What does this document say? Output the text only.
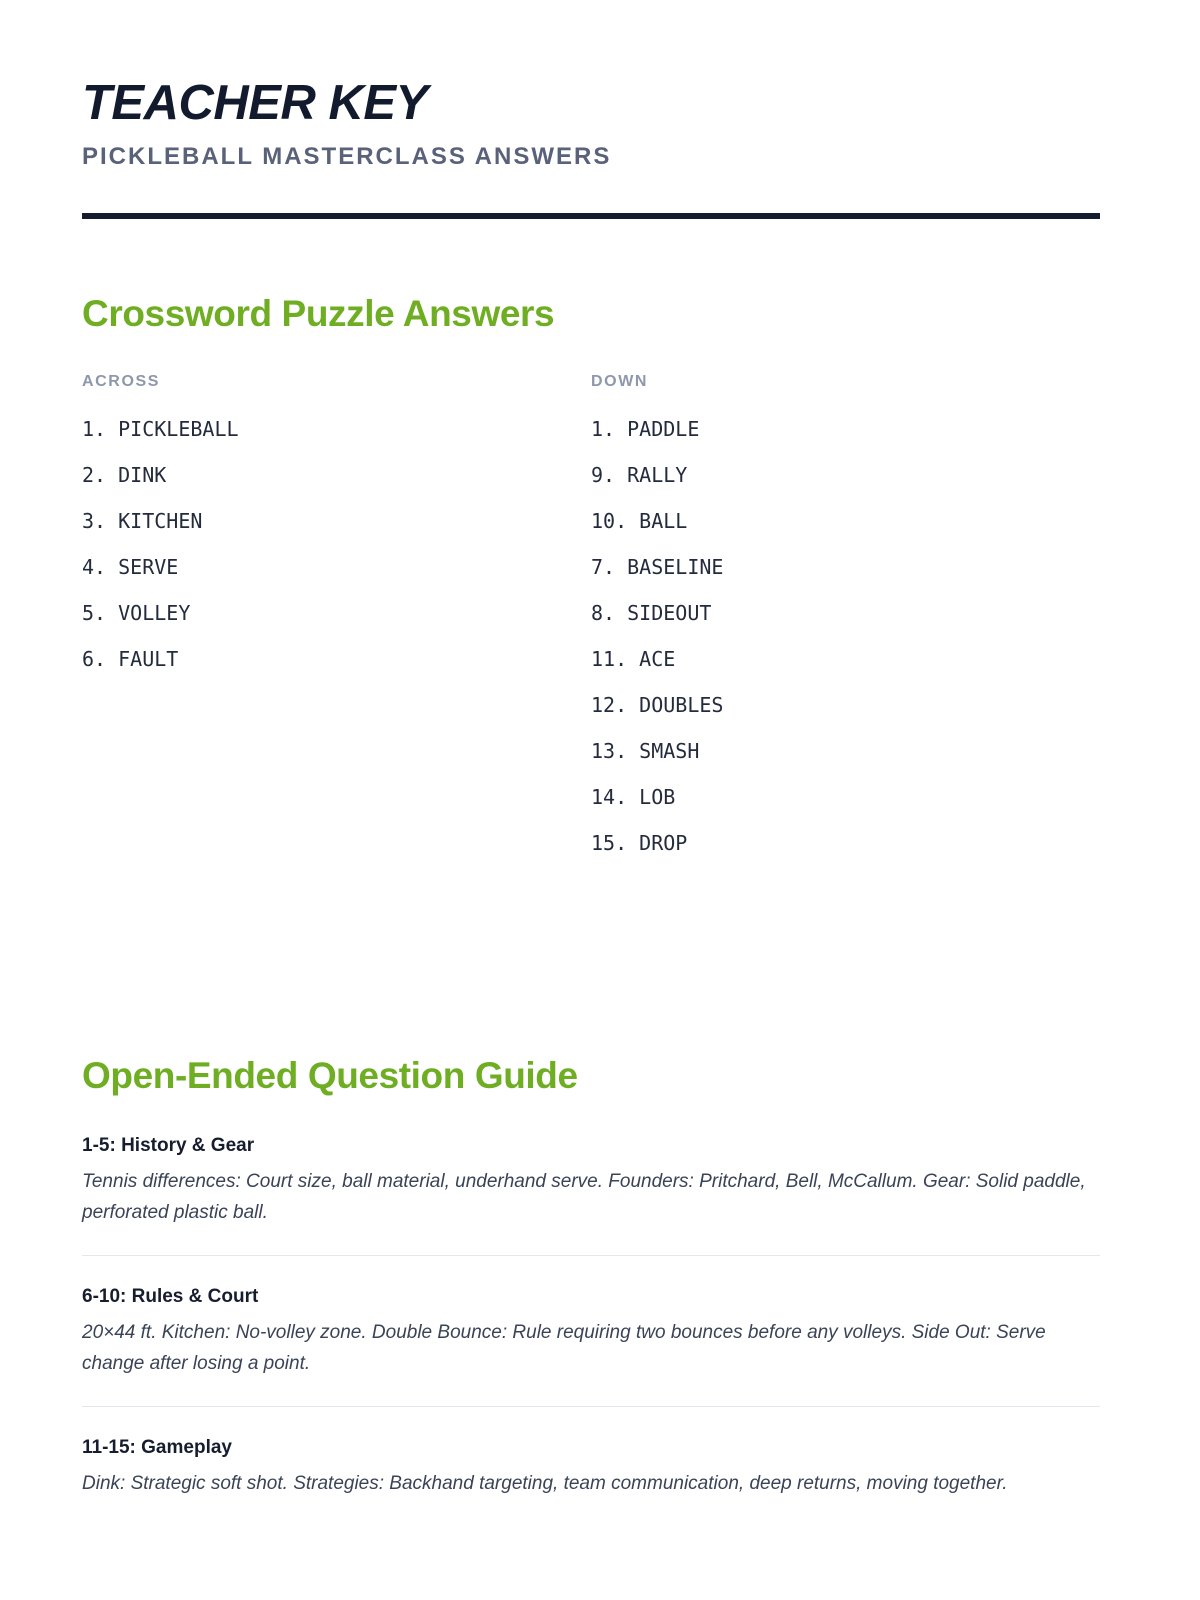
TEACHER KEY
PICKLEBALL MASTERCLASS ANSWERS
Crossword Puzzle Answers
ACROSS
1. PICKLEBALL
2. DINK
3. KITCHEN
4. SERVE
5. VOLLEY
6. FAULT
DOWN
1. PADDLE
9. RALLY
10. BALL
7. BASELINE
8. SIDEOUT
11. ACE
12. DOUBLES
13. SMASH
14. LOB
15. DROP
Open-Ended Question Guide

1-5: History & Gear

Tennis differences: Court size, ball material, underhand serve. Founders: Pritchard, Bell, McCallum. Gear: Solid paddle, perforated plastic ball.

6-10: Rules & Court

20×44 ft. Kitchen: No-volley zone. Double Bounce: Rule requiring two bounces before any volleys. Side Out: Serve change after losing a point.

11-15: Gameplay

Dink: Strategic soft shot. Strategies: Backhand targeting, team communication, deep returns, moving together.
